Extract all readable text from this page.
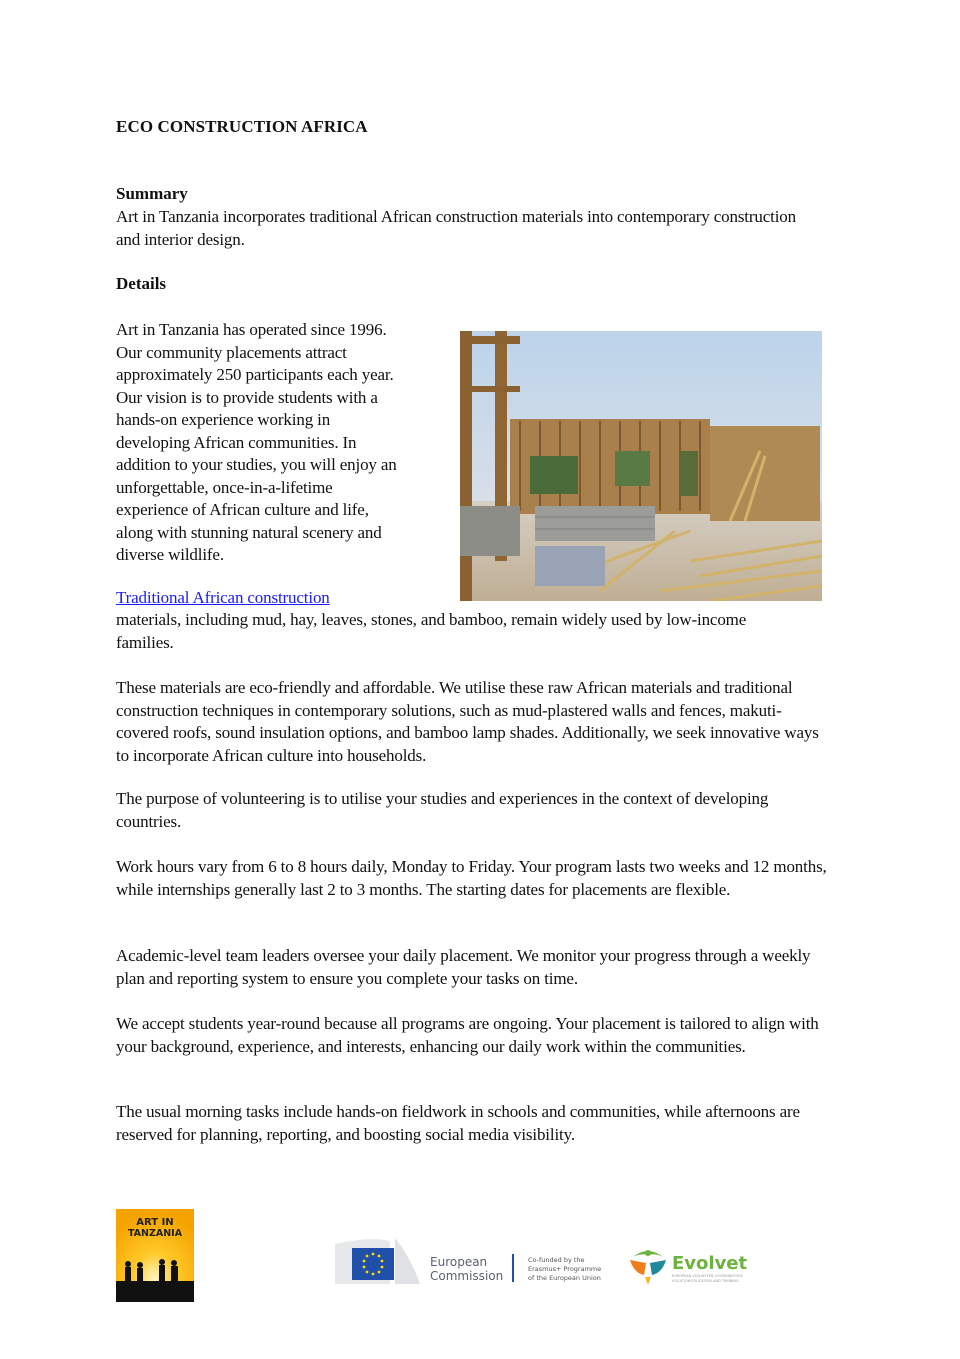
ECO CONSTRUCTION AFRICA
Summary
Art in Tanzania incorporates traditional African construction materials into contemporary construction and interior design.
Details
Art in Tanzania has operated since 1996.
Our community placements attract
approximately 250 participants each year.
Our vision is to provide students with a
hands-on experience working in
developing African communities. In
addition to your studies, you will enjoy an
unforgettable, once-in-a-lifetime
experience of African culture and life,
along with stunning natural scenery and
diverse wildlife.
Traditional African construction
materials, including mud, hay, leaves, stones, and bamboo, remain widely used by low-income families.
These materials are eco-friendly and affordable. We utilise these raw African materials and traditional construction techniques in contemporary solutions, such as mud-plastered walls and fences, makuti-covered roofs, sound insulation options, and bamboo lamp shades. Additionally, we seek innovative ways to incorporate African culture into households.
The purpose of volunteering is to utilise your studies and experiences in the context of developing countries.
Work hours vary from 6 to 8 hours daily, Monday to Friday. Your program lasts two weeks and 12 months, while internships generally last 2 to 3 months. The starting dates for placements are flexible.
Academic-level team leaders oversee your daily placement. We monitor your progress through a weekly plan and reporting system to ensure you complete your tasks on time.
We accept students year-round because all programs are ongoing. Your placement is tailored to align with your background, experience, and interests, enhancing our daily work within the communities.
The usual morning tasks include hands-on fieldwork in schools and communities, while afternoons are reserved for planning, reporting, and boosting social media visibility.
ART IN
TANZANIA
European
Commission
Co-funded by the
Erasmus+ Programme
of the European Union
Evolvet
EUROPEAN VOLUNTEER COORDINATORS
VOCATION EDUCATION AND TRAINING
